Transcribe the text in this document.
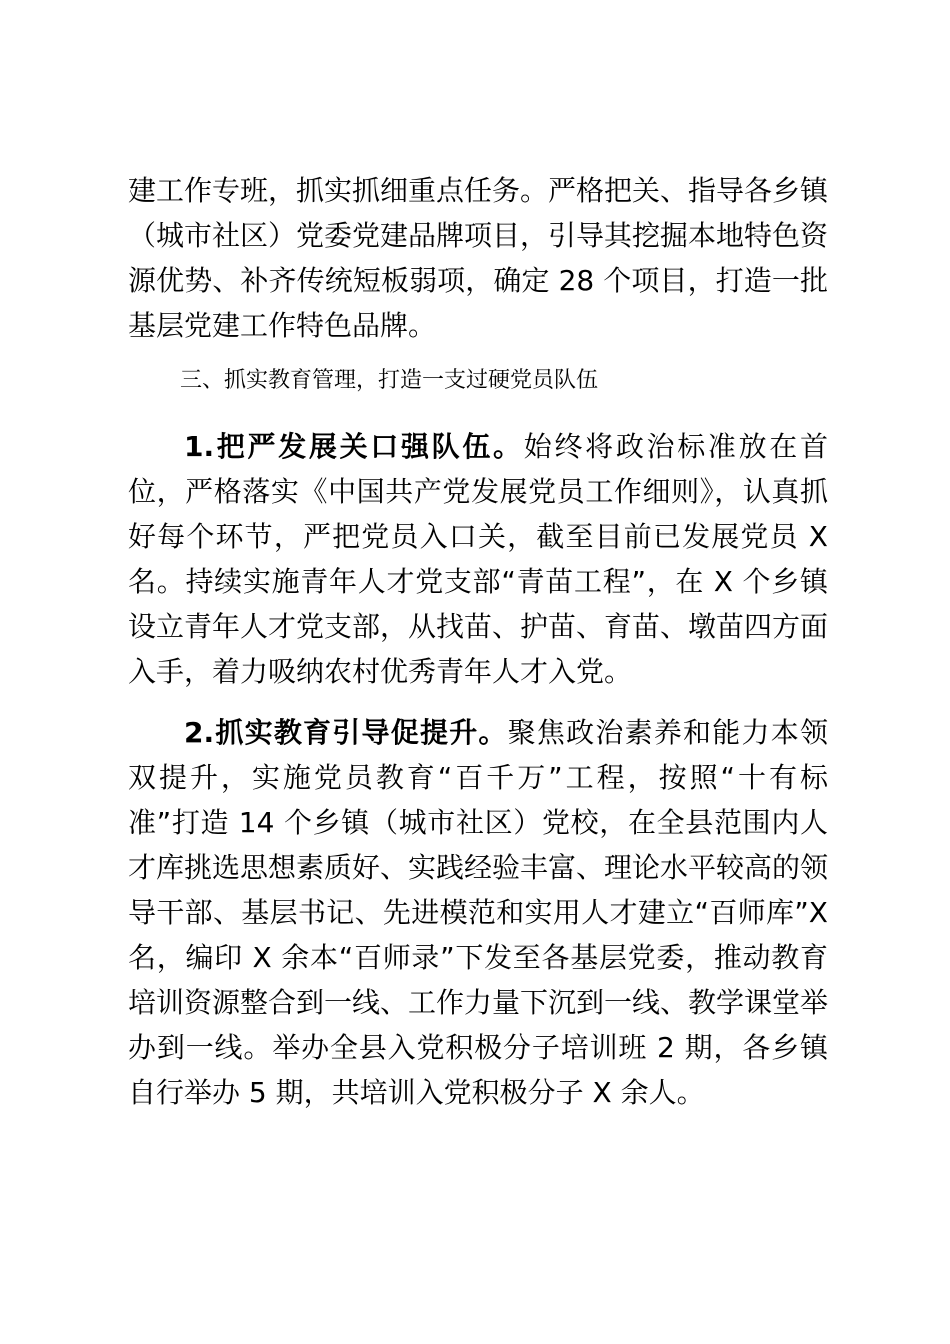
建工作专班，抓实抓细重点任务。严格把关、指导各乡镇（城市社区）党委党建品牌项目，引导其挖掘本地特色资源优势、补齐传统短板弱项，确定 28 个项目，打造一批基层党建工作特色品牌。

三、抓实教育管理，打造一支过硬党员队伍

1.把严发展关口强队伍。始终将政治标准放在首位，严格落实《中国共产党发展党员工作细则》，认真抓好每个环节，严把党员入口关，截至目前已发展党员 X 名。持续实施青年人才党支部“青苗工程”，在 X 个乡镇设立青年人才党支部，从找苗、护苗、育苗、墩苗四方面入手，着力吸纳农村优秀青年人才入党。

2.抓实教育引导促提升。聚焦政治素养和能力本领双提升，实施党员教育“百千万”工程，按照“十有标准”打造 14 个乡镇（城市社区）党校，在全县范围内人才库挑选思想素质好、实践经验丰富、理论水平较高的领导干部、基层书记、先进模范和实用人才建立“百师库”X 名，编印 X 余本“百师录”下发至各基层党委，推动教育培训资源整合到一线、工作力量下沉到一线、教学课堂举办到一线。举办全县入党积极分子培训班 2 期，各乡镇自行举办 5 期，共培训入党积极分子 X 余人。
